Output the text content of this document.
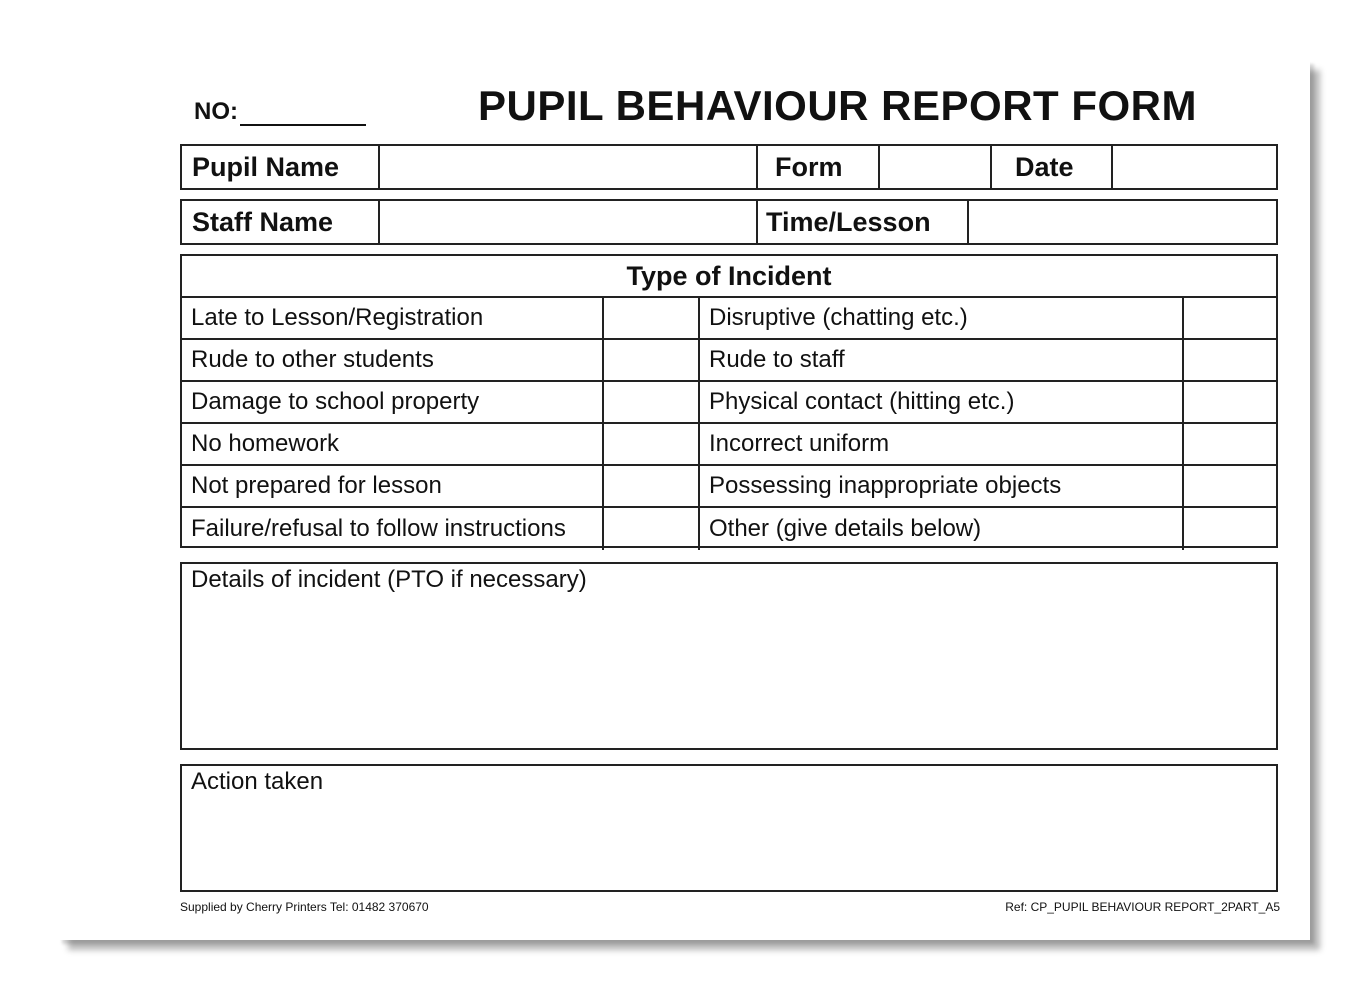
NO:	PUPIL BEHAVIOUR REPORT FORM
Pupil Name	Form	Date
Staff Name	Time/Lesson
Type of Incident
Late to Lesson/Registration	Disruptive (chatting etc.)
Rude to other students	Rude to staff
Damage to school property	Physical contact (hitting etc.)
No homework	Incorrect uniform
Not prepared for lesson	Possessing inappropriate objects
Failure/refusal to follow instructions	Other (give details below)
Details of incident (PTO if necessary)
Action taken
Supplied by Cherry Printers Tel: 01482 370670	Ref: CP_PUPIL BEHAVIOUR REPORT_2PART_A5
